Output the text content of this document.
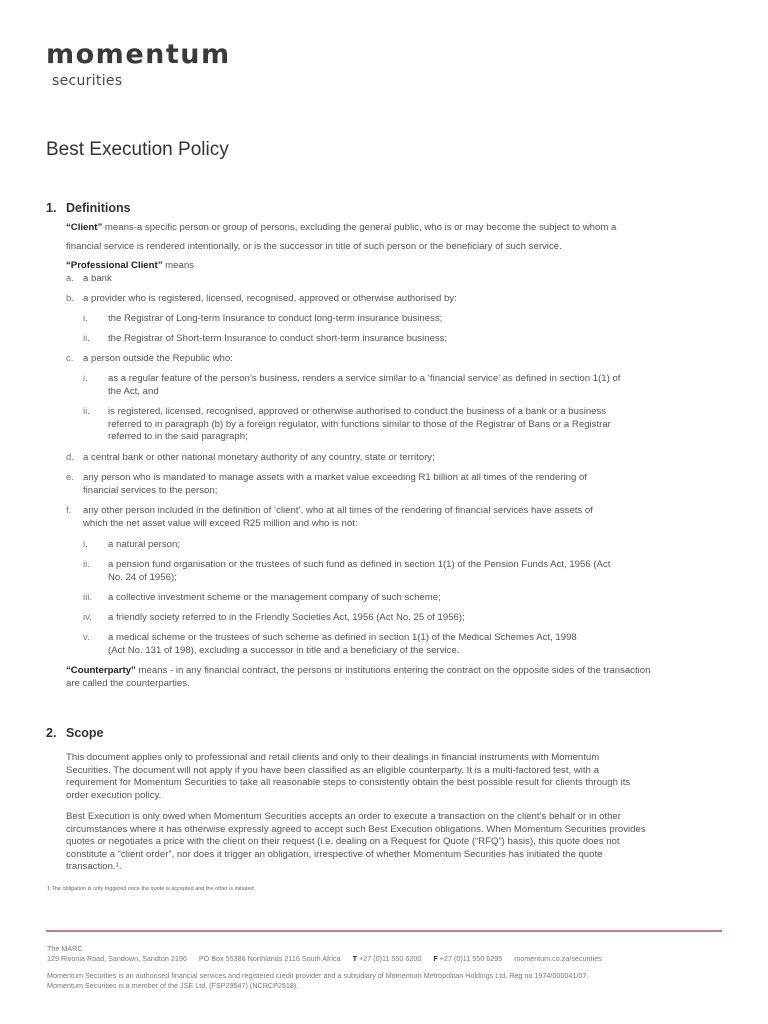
momentum
securities
Best Execution Policy
1. Definitions
“Client” means-a specific person or group of persons, excluding the general public, who is or may become the subject to whom a
financial service is rendered intentionally, or is the successor in title of such person or the beneficiary of such service.
“Professional Client” means
a. a bank
b. a provider who is registered, licensed, recognised, approved or otherwise authorised by:
i. the Registrar of Long-term Insurance to conduct long-term insurance business;
ii. the Registrar of Short-term Insurance to conduct short-term insurance business;
c. a person outside the Republic who:
i. as a regular feature of the person’s business, renders a service similar to a ‘financial service’ as defined in section 1(1) of
the Act, and
ii. is registered, licensed, recognised, approved or otherwise authorised to conduct the business of a bank or a business
referred to in paragraph (b) by a foreign regulator, with functions similar to those of the Registrar of Bans or a Registrar
referred to in the said paragraph;
d. a central bank or other national monetary authority of any country, state or territory;
e. any person who is mandated to manage assets with a market value exceeding R1 billion at all times of the rendering of
financial services to the person;
f. any other person included in the definition of ‘client’, who at all times of the rendering of financial services have assets of
which the net asset value will exceed R25 million and who is not:
i. a natural person;
ii. a pension fund organisation or the trustees of such fund as defined in section 1(1) of the Pension Funds Act, 1956 (Act
No. 24 of 1956);
iii. a collective investment scheme or the management company of such scheme;
iv. a friendly society referred to in the Friendly Societies Act, 1956 (Act No. 25 of 1956);
v. a medical scheme or the trustees of such scheme as defined in section 1(1) of the Medical Schemes Act, 1998
(Act No. 131 of 198), excluding a successor in title and a beneficiary of the service.
“Counterparty” means - in any financial contract, the persons or institutions entering the contract on the opposite sides of the transaction
are called the counterparties.
2. Scope
This document applies only to professional and retail clients and only to their dealings in financial instruments with Momentum
Securities. The document will not apply if you have been classified as an eligible counterparty. It is a multi-factored test, with a
requirement for Momentum Securities to take all reasonable steps to consistently obtain the best possible result for clients through its
order execution policy.
Best Execution is only owed when Momentum Securities accepts an order to execute a transaction on the client’s behalf or in other
circumstances where it has otherwise expressly agreed to accept such Best Execution obligations. When Momentum Securities provides
quotes or negotiates a price with the client on their request (i.e. dealing on a Request for Quote (“RFQ”) basis), this quote does not
constitute a “client order”, nor does it trigger an obligation, irrespective of whether Momentum Securities has initiated the quote
transaction.¹.
1 The obligation is only triggered once the quote is accepted and the other is initiated.
The MARC
129 Rivonia Road, Sandown, Sandton 2196 PO Box 55386 Northlands 2116 South Africa T +27 (0)11 550 6200 F +27 (0)11 550 6295 momentum.co.za/securities
Momentum Securities is an authorised financial services and registered credit provider and a subsidiary of Momentum Metropolitan Holdings Ltd. Reg no 1974/000041/07.
Momentum Securities is a member of the JSE Ltd. (FSP29547) (NCRCP2518).
